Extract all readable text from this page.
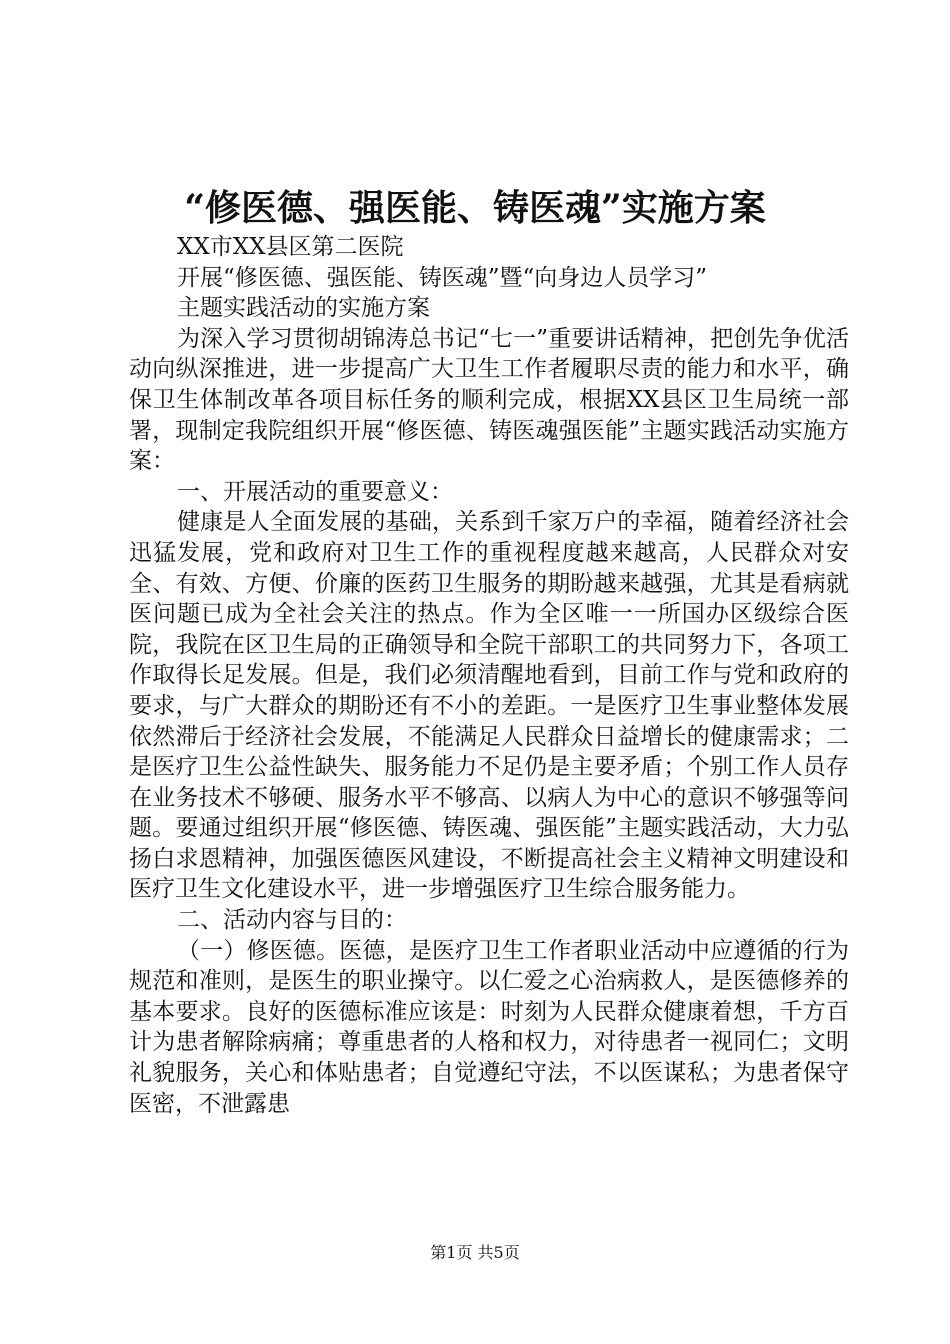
“修医德、强医能、铸医魂”实施方案

XX市XX县区第二医院

开展“修医德、强医能、铸医魂”暨“向身边人员学习”

主题实践活动的实施方案

为深入学习贯彻胡锦涛总书记“七一”重要讲话精神，把创先争优活动向纵深推进，进一步提高广大卫生工作者履职尽责的能力和水平，确保卫生体制改革各项目标任务的顺利完成，根据XX县区卫生局统一部署，现制定我院组织开展“修医德、铸医魂强医能”主题实践活动实施方案：

一、开展活动的重要意义：

健康是人全面发展的基础，关系到千家万户的幸福，随着经济社会迅猛发展，党和政府对卫生工作的重视程度越来越高，人民群众对安全、有效、方便、价廉的医药卫生服务的期盼越来越强，尤其是看病就医问题已成为全社会关注的热点。作为全区唯一一所国办区级综合医院，我院在区卫生局的正确领导和全院干部职工的共同努力下，各项工作取得长足发展。但是，我们必须清醒地看到，目前工作与党和政府的要求，与广大群众的期盼还有不小的差距。一是医疗卫生事业整体发展依然滞后于经济社会发展，不能满足人民群众日益增长的健康需求；二是医疗卫生公益性缺失、服务能力不足仍是主要矛盾；个别工作人员存在业务技术不够硬、服务水平不够高、以病人为中心的意识不够强等问题。要通过组织开展“修医德、铸医魂、强医能”主题实践活动，大力弘扬白求恩精神，加强医德医风建设，不断提高社会主义精神文明建设和医疗卫生文化建设水平，进一步增强医疗卫生综合服务能力。

二、活动内容与目的：

（一）修医德。医德，是医疗卫生工作者职业活动中应遵循的行为规范和准则，是医生的职业操守。以仁爱之心治病救人，是医德修养的基本要求。良好的医德标准应该是：时刻为人民群众健康着想，千方百计为患者解除病痛；尊重患者的人格和权力，对待患者一视同仁；文明礼貌服务，关心和体贴患者；自觉遵纪守法，不以医谋私；为患者保守医密，不泄露患

第1页 共5页
